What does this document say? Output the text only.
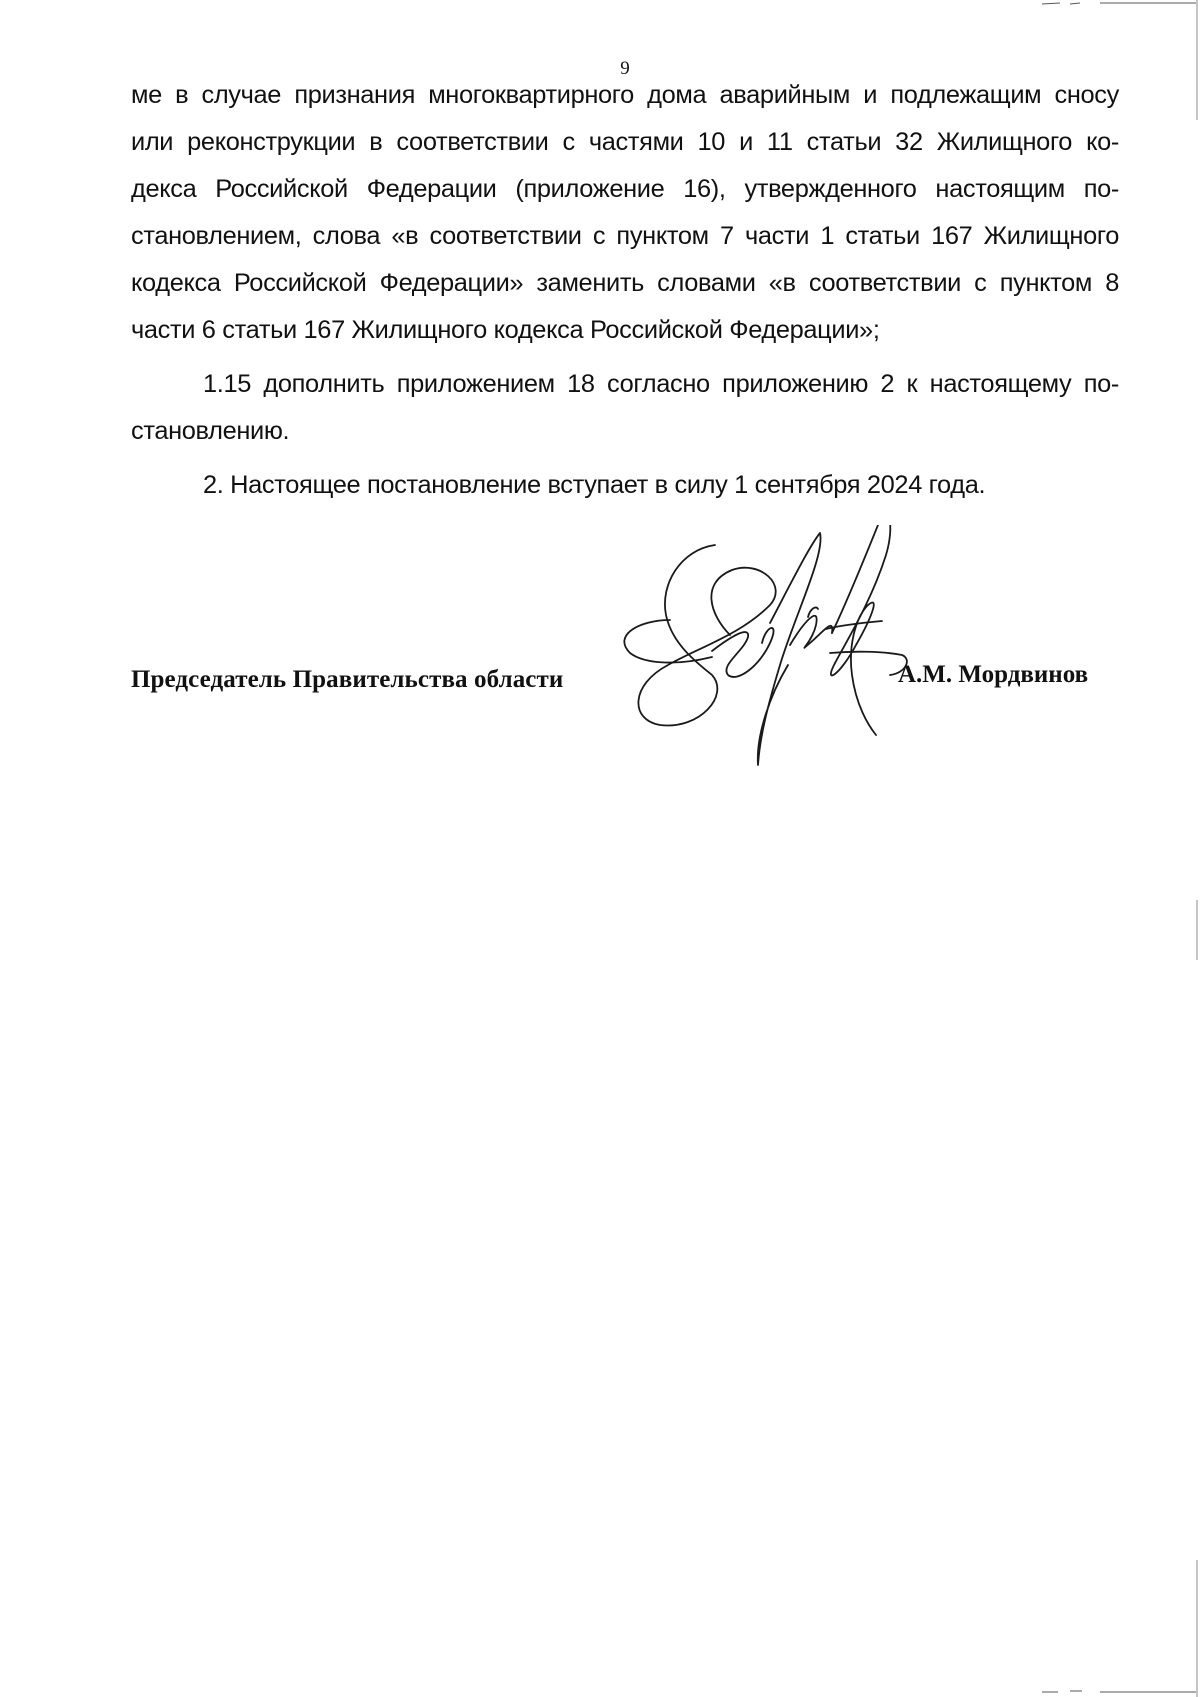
9
ме в случае признания многоквартирного дома аварийным и подлежащим сносу
или реконструкции в соответствии с частями 10 и 11 статьи 32 Жилищного ко-
декса Российской Федерации (приложение 16), утвержденного настоящим по-
становлением, слова «в соответствии с пунктом 7 части 1 статьи 167 Жилищного
кодекса Российской Федерации» заменить словами «в соответствии с пунктом 8
части 6 статьи 167 Жилищного кодекса Российской Федерации»;
1.15 дополнить приложением 18 согласно приложению 2 к настоящему по-
становлению.
2. Настоящее постановление вступает в силу 1 сентября 2024 года.
Председатель Правительства области	А.М. Мордвинов
